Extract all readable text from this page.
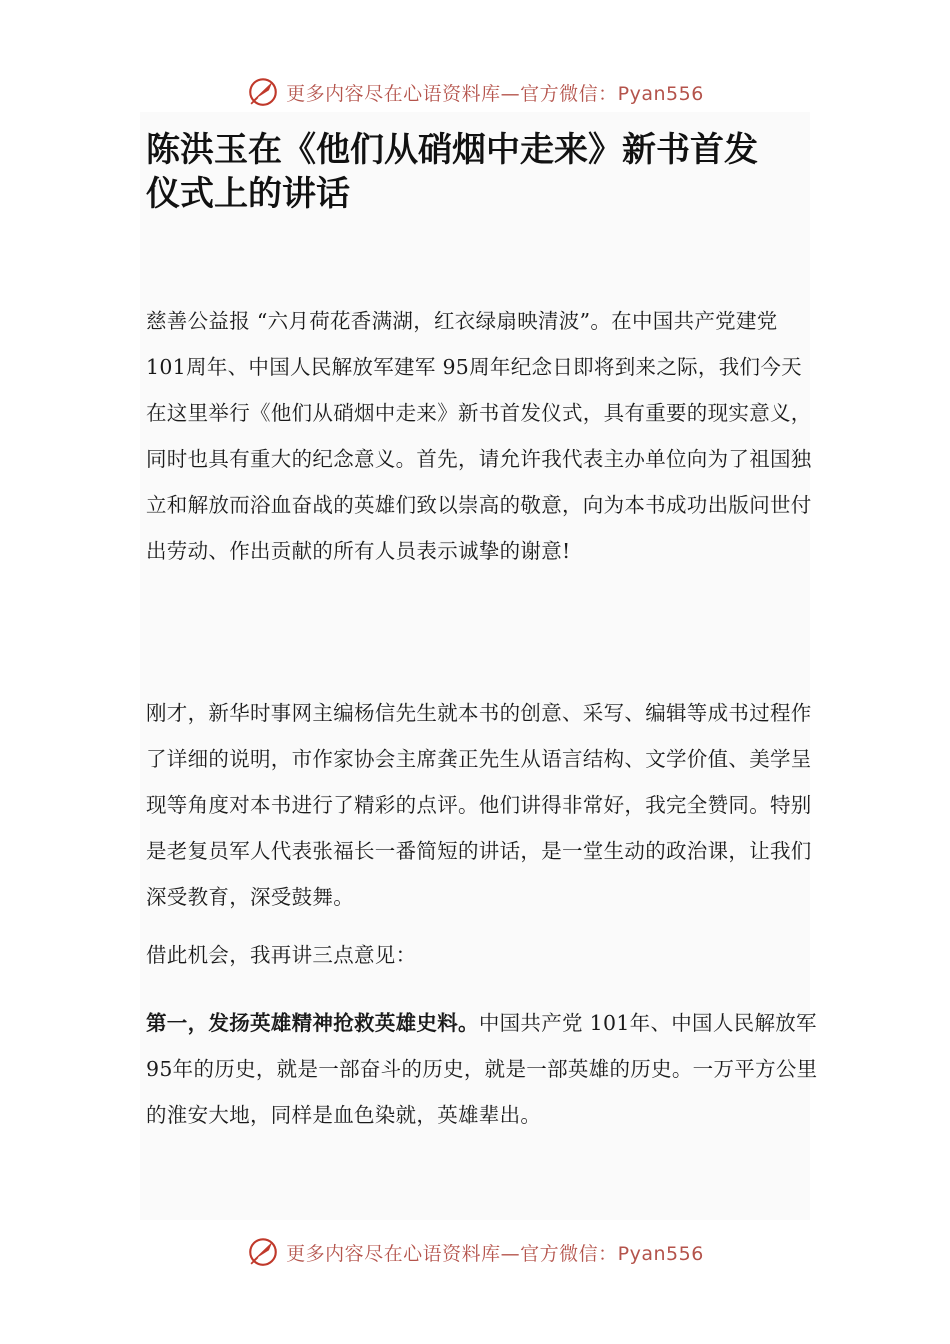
更多内容尽在心语资料库—官方微信：Pyan556
陈洪玉在《他们从硝烟中走来》新书首发仪式上的讲话

慈善公益报 “六月荷花香满湖，红衣绿扇映清波”。在中国共产党建党 101周年、中国人民解放军建军 95周年纪念日即将到来之际，我们今天在这里举行《他们从硝烟中走来》新书首发仪式，具有重要的现实意义，同时也具有重大的纪念意义。首先，请允许我代表主办单位向为了祖国独立和解放而浴血奋战的英雄们致以崇高的敬意，向为本书成功出版问世付出劳动、作出贡献的所有人员表示诚挚的谢意!

刚才，新华时事网主编杨信先生就本书的创意、采写、编辑等成书过程作了详细的说明，市作家协会主席龚正先生从语言结构、文学价值、美学呈现等角度对本书进行了精彩的点评。他们讲得非常好，我完全赞同。特别是老复员军人代表张福长一番简短的讲话，是一堂生动的政治课，让我们深受教育，深受鼓舞。

借此机会，我再讲三点意见：

第一，发扬英雄精神抢救英雄史料。中国共产党 101年、中国人民解放军 95年的历史，就是一部奋斗的历史，就是一部英雄的历史。一万平方公里的淮安大地，同样是血色染就，英雄辈出。

更多内容尽在心语资料库—官方微信：Pyan556
